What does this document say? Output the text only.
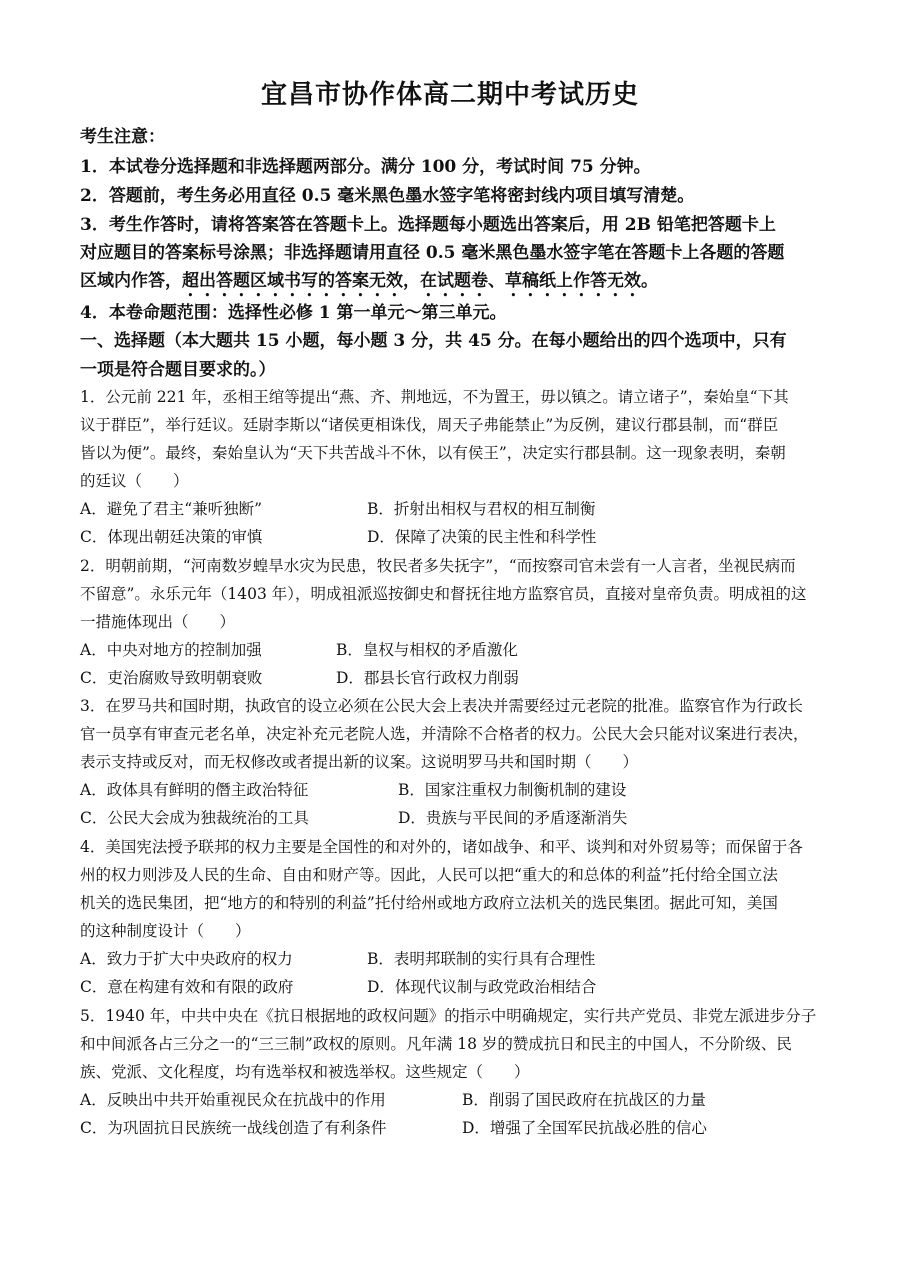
宜昌市协作体高二期中考试历史
考生注意：
1．本试卷分选择题和非选择题两部分。满分 100 分，考试时间 75 分钟。
2．答题前，考生务必用直径 0.5 毫米黑色墨水签字笔将密封线内项目填写清楚。
3．考生作答时，请将答案答在答题卡上。选择题每小题选出答案后，用 2B 铅笔把答题卡上
对应题目的答案标号涂黑；非选择题请用直径 0.5 毫米黑色墨水签字笔在答题卡上各题的答题
区域内作答，超出答题区域书写的答案无效，在试题卷、草稿纸上作答无效。
4．本卷命题范围：选择性必修 1 第一单元～第三单元。
一、选择题（本大题共 15 小题，每小题 3 分，共 45 分。在每小题给出的四个选项中，只有
一项是符合题目要求的。）
1．公元前 221 年，丞相王绾等提出“燕、齐、荆地远，不为置王，毋以镇之。请立诸子”，秦始皇“下其
议于群臣”，举行廷议。廷尉李斯以“诸侯更相诛伐，周天子弗能禁止”为反例，建议行郡县制，而“群臣
皆以为便”。最终，秦始皇认为“天下共苦战斗不休，以有侯王”，决定实行郡县制。这一现象表明，秦朝
的廷议（　　）
A．避免了君主“兼听独断”	B．折射出相权与君权的相互制衡
C．体现出朝廷决策的审慎	D．保障了决策的民主性和科学性
2．明朝前期，“河南数岁蝗旱水灾为民患，牧民者多失抚字”，“而按察司官未尝有一人言者，坐视民病而
不留意”。永乐元年（1403 年），明成祖派巡按御史和督抚往地方监察官员，直接对皇帝负责。明成祖的这
一措施体现出（　　）
A．中央对地方的控制加强	B．皇权与相权的矛盾激化
C．吏治腐败导致明朝衰败	D．郡县长官行政权力削弱
3．在罗马共和国时期，执政官的设立必须在公民大会上表决并需要经过元老院的批准。监察官作为行政长
官一员享有审查元老名单，决定补充元老院人选，并清除不合格者的权力。公民大会只能对议案进行表决，
表示支持或反对，而无权修改或者提出新的议案。这说明罗马共和国时期（　　）
A．政体具有鲜明的僭主政治特征	B．国家注重权力制衡机制的建设
C．公民大会成为独裁统治的工具	D．贵族与平民间的矛盾逐渐消失
4．美国宪法授予联邦的权力主要是全国性的和对外的，诸如战争、和平、谈判和对外贸易等；而保留于各
州的权力则涉及人民的生命、自由和财产等。因此，人民可以把“重大的和总体的利益”托付给全国立法
机关的选民集团，把“地方的和特别的利益”托付给州或地方政府立法机关的选民集团。据此可知，美国
的这种制度设计（　　）
A．致力于扩大中央政府的权力	B．表明邦联制的实行具有合理性
C．意在构建有效和有限的政府	D．体现代议制与政党政治相结合
5．1940 年，中共中央在《抗日根据地的政权问题》的指示中明确规定，实行共产党员、非党左派进步分子
和中间派各占三分之一的“三三制”政权的原则。凡年满 18 岁的赞成抗日和民主的中国人，不分阶级、民
族、党派、文化程度，均有选举权和被选举权。这些规定（　　）
A．反映出中共开始重视民众在抗战中的作用	B．削弱了国民政府在抗战区的力量
C．为巩固抗日民族统一战线创造了有利条件	D．增强了全国军民抗战必胜的信心
